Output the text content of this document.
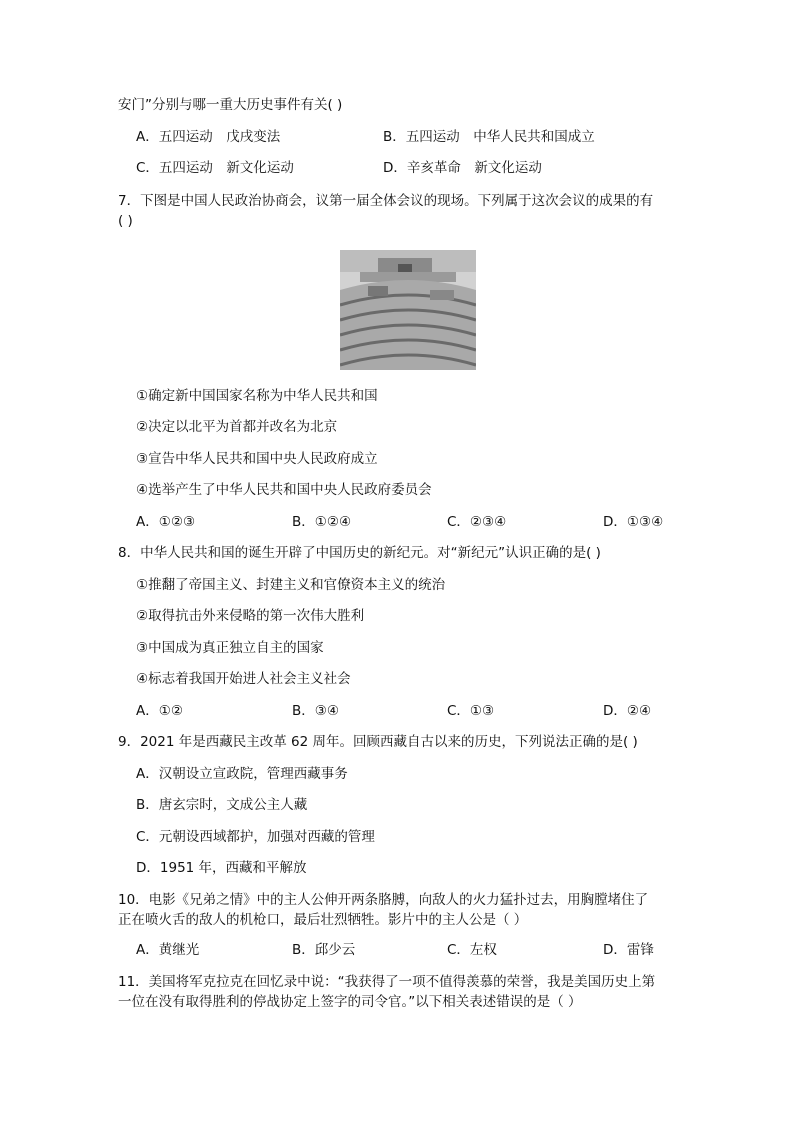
安门”分别与哪一重大历史事件有关( )
A．五四运动　戊戌变法	B．五四运动　中华人民共和国成立
C．五四运动　新文化运动	D．辛亥革命　新文化运动
7．下图是中国人民政治协商会，议第一届全体会议的现场。下列属于这次会议的成果的有
( )
①确定新中国国家名称为中华人民共和国
②决定以北平为首都并改名为北京
③宣告中华人民共和国中央人民政府成立
④选举产生了中华人民共和国中央人民政府委员会
A．①②③	B．①②④	C．②③④	D．①③④
8．中华人民共和国的诞生开辟了中国历史的新纪元。对“新纪元”认识正确的是( )
①推翻了帝国主义、封建主义和官僚资本主义的统治
②取得抗击外来侵略的第一次伟大胜利
③中国成为真正独立自主的国家
④标志着我国开始进人社会主义社会
A．①②	B．③④	C．①③	D．②④
9．2021 年是西藏民主改革 62 周年。回顾西藏自古以来的历史，下列说法正确的是( )
A．汉朝设立宣政院，管理西藏事务
B．唐玄宗时，文成公主人藏
C．元朝设西域都护，加强对西藏的管理
D．1951 年，西藏和平解放
10．电影《兄弟之情》中的主人公伸开两条胳膊，向敌人的火力猛扑过去，用胸膛堵住了
正在喷火舌的敌人的机枪口，最后壮烈牺牲。影片中的主人公是（ ）
A．黄继光	B．邱少云	C．左权	D．雷锋
11．美国将军克拉克在回忆录中说：“我获得了一项不值得羡慕的荣誉，我是美国历史上第
一位在没有取得胜利的停战协定上签字的司令官。”以下相关表述错误的是（ ）
